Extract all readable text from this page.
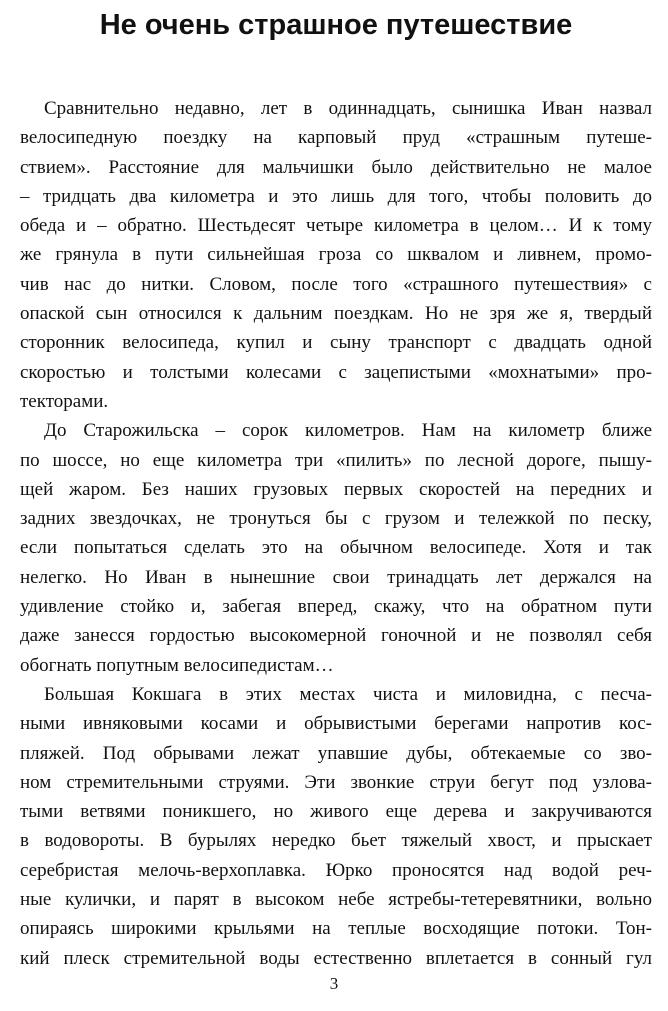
Не очень страшное путешествие

Сравнительно недавно, лет в одиннадцать, сынишка Иван назвал
велосипедную поездку на карповый пруд «страшным путеше-
ствием». Расстояние для мальчишки было действительно не малое
– тридцать два километра и это лишь для того, чтобы половить до
обеда и – обратно. Шестьдесят четыре километра в целом… И к тому
же грянула в пути сильнейшая гроза со шквалом и ливнем, промо-
чив нас до нитки. Словом, после того «страшного путешествия» с
опаской сын относился к дальним поездкам. Но не зря же я, твердый
сторонник велосипеда, купил и сыну транспорт с двадцать одной
скоростью и толстыми колесами с зацепистыми «мохнатыми» про-
текторами.

До Старожильска – сорок километров. Нам на километр ближе
по шоссе, но еще километра три «пилить» по лесной дороге, пышу-
щей жаром. Без наших грузовых первых скоростей на передних и
задних звездочках, не тронуться бы с грузом и тележкой по песку,
если попытаться сделать это на обычном велосипеде. Хотя и так
нелегко. Но Иван в нынешние свои тринадцать лет держался на
удивление стойко и, забегая вперед, скажу, что на обратном пути
даже занесся гордостью высокомерной гоночной и не позволял себя
обогнать попутным велосипедистам…

Большая Кокшага в этих местах чиста и миловидна, с песча-
ными ивняковыми косами и обрывистыми берегами напротив кос-
пляжей. Под обрывами лежат упавшие дубы, обтекаемые со зво-
ном стремительными струями. Эти звонкие струи бегут под узлова-
тыми ветвями поникшего, но живого еще дерева и закручиваются
в водовороты. В бурылях нередко бьет тяжелый хвост, и прыскает
серебристая мелочь-верхоплавка. Юрко проносятся над водой реч-
ные кулички, и парят в высоком небе ястребы-тетеревятники, вольно
опираясь широкими крыльями на теплые восходящие потоки. Тон-
кий плеск стремительной воды естественно вплетается в сонный гул

3
